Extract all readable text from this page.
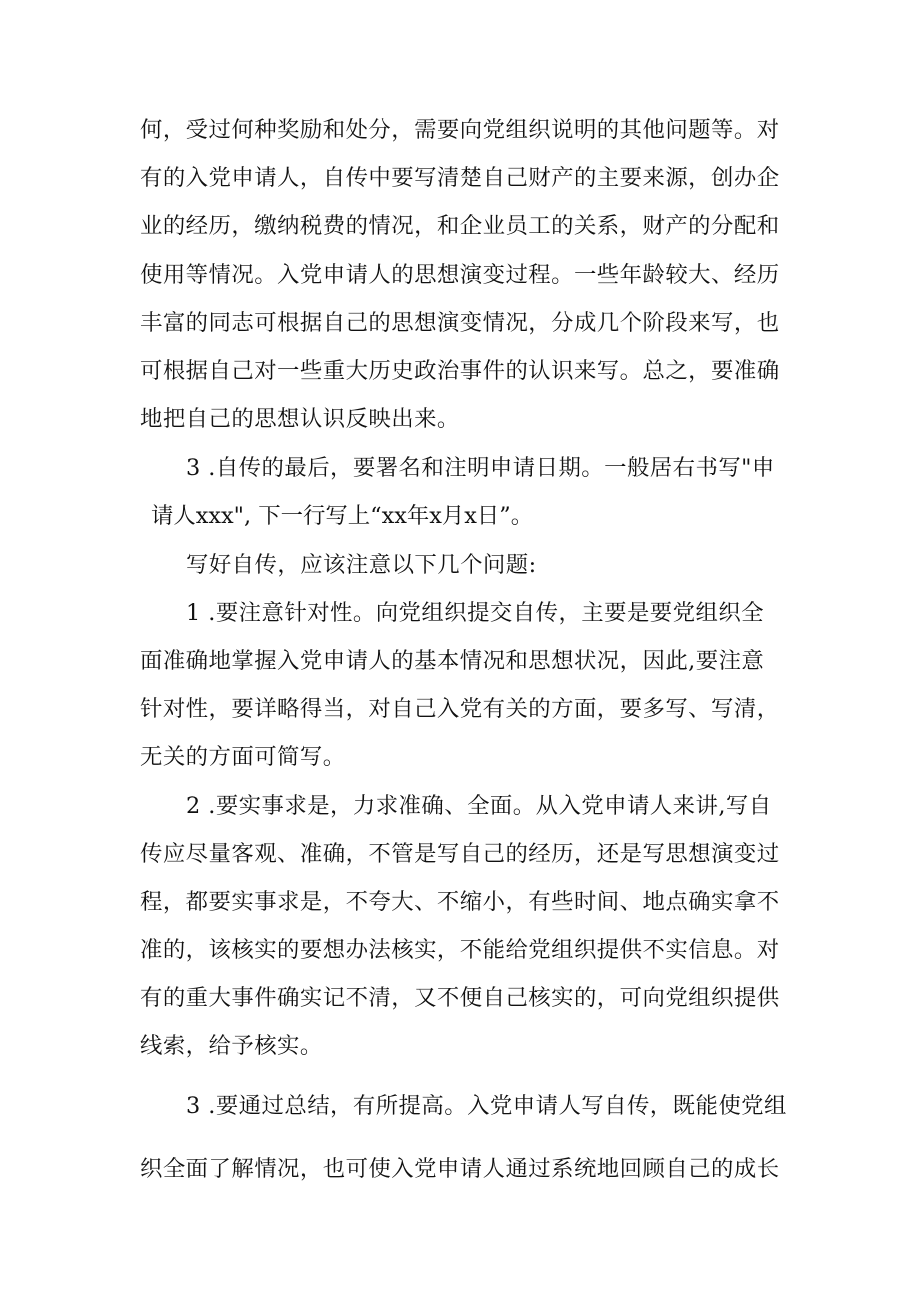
何，受过何种奖励和处分，需要向党组织说明的其他问题等。对
有的入党申请人，自传中要写清楚自己财产的主要来源，创办企
业的经历，缴纳税费的情况，和企业员工的关系，财产的分配和
使用等情况。入党申请人的思想演变过程。一些年龄较大、经历
丰富的同志可根据自己的思想演变情况，分成几个阶段来写，也
可根据自己对一些重大历史政治事件的认识来写。总之，要准确
地把自己的思想认识反映出来。
3 .自传的最后，要署名和注明申请日期。一般居右书写"申
请人xxx", 下一行写上“xx年x月x日”。
写好自传，应该注意以下几个问题:
1 .要注意针对性。向党组织提交自传，主要是要党组织全
面准确地掌握入党申请人的基本情况和思想状况，因此,要注意
针对性，要详略得当，对自己入党有关的方面，要多写、写清，
无关的方面可简写。
2 .要实事求是，力求准确、全面。从入党申请人来讲,写自
传应尽量客观、准确，不管是写自己的经历，还是写思想演变过
程，都要实事求是，不夸大、不缩小，有些时间、地点确实拿不
准的，该核实的要想办法核实，不能给党组织提供不实信息。对
有的重大事件确实记不清，又不便自己核实的，可向党组织提供
线索，给予核实。
3 .要通过总结，有所提高。入党申请人写自传，既能使党组
织全面了解情况，也可使入党申请人通过系统地回顾自己的成长
